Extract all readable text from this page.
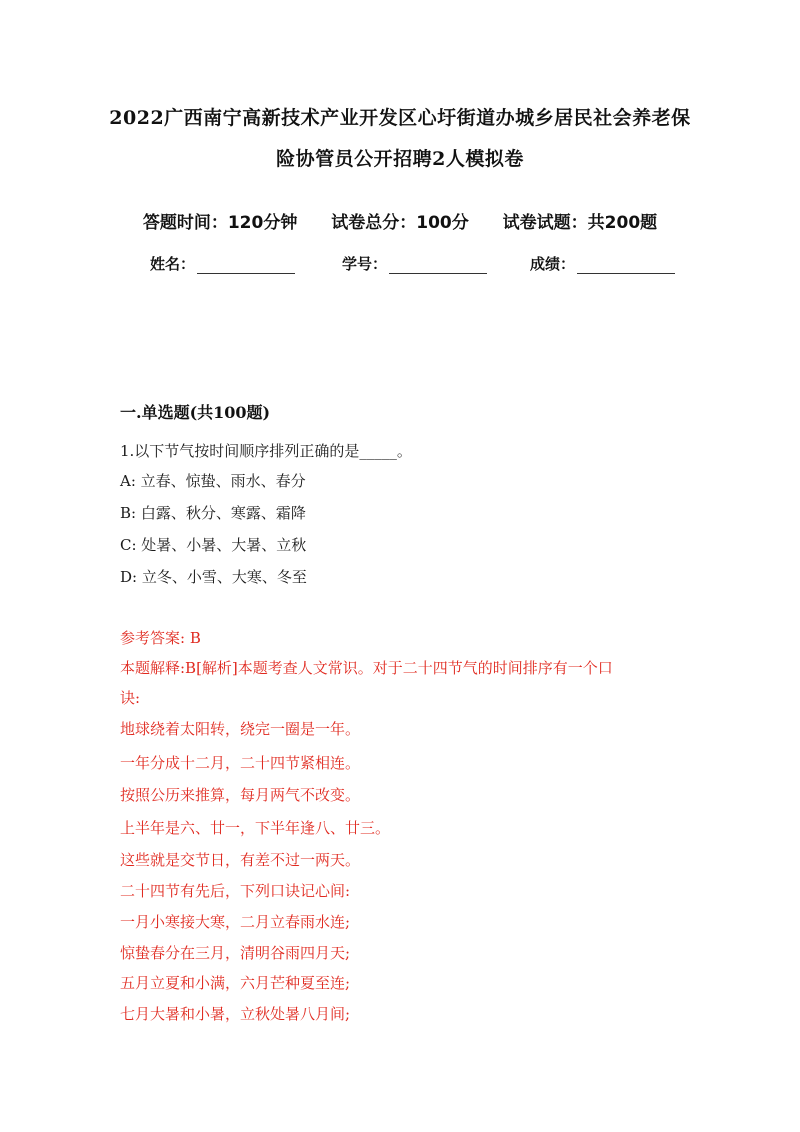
2022广西南宁高新技术产业开发区心圩街道办城乡居民社会养老保
险协管员公开招聘2人模拟卷
答题时间：120分钟 试卷总分：100分 试卷试题：共200题
姓名：	学号：	成绩：
一.单选题(共100题)
1.以下节气按时间顺序排列正确的是_____。
A: 立春、惊蛰、雨水、春分
B: 白露、秋分、寒露、霜降
C: 处暑、小暑、大暑、立秋
D: 立冬、小雪、大寒、冬至
参考答案: B
本题解释:B[解析]本题考查人文常识。对于二十四节气的时间排序有一个口
诀:
地球绕着太阳转，绕完一圈是一年。
一年分成十二月，二十四节紧相连。
按照公历来推算，每月两气不改变。
上半年是六、廿一，下半年逢八、廿三。
这些就是交节日，有差不过一两天。
二十四节有先后，下列口诀记心间:
一月小寒接大寒，二月立春雨水连;
惊蛰春分在三月，清明谷雨四月天;
五月立夏和小满，六月芒种夏至连;
七月大暑和小暑，立秋处暑八月间;
